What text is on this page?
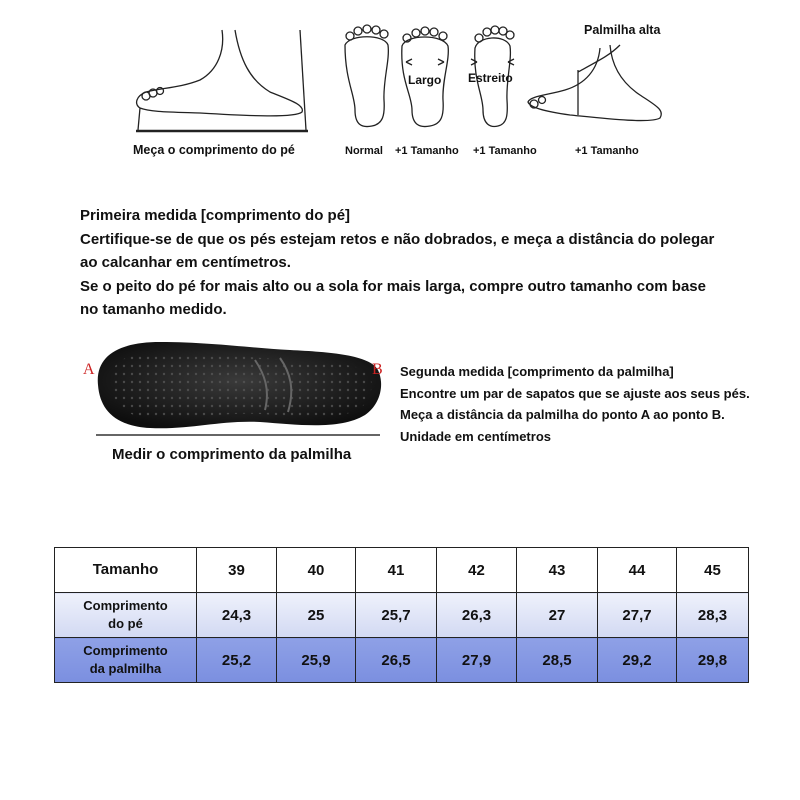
Meça o comprimento do pé	Normal +1 Tamanho +1 Tamanho	+1 Tamanho
Largo Estreito
Palmilha alta
Primeira medida [comprimento do pé]
Certifique-se de que os pés estejam retos e não dobrados, e meça a distância do polegar
ao calcanhar em centímetros.
Se o peito do pé for mais alto ou a sola for mais larga, compre outro tamanho com base
no tamanho medido.
A	B
Medir o comprimento da palmilha
Segunda medida [comprimento da palmilha]
Encontre um par de sapatos que se ajuste aos seus pés.
Meça a distância da palmilha do ponto A ao ponto B.
Unidade em centímetros
Tamanho	39	40	41	42	43	44	45

Comprimento
do pé	24,3	25	25,7	26,3	27	27,7	28,3

Comprimento
da palmilha	25,2	25,9	26,5	27,9	28,5	29,2	29,8
